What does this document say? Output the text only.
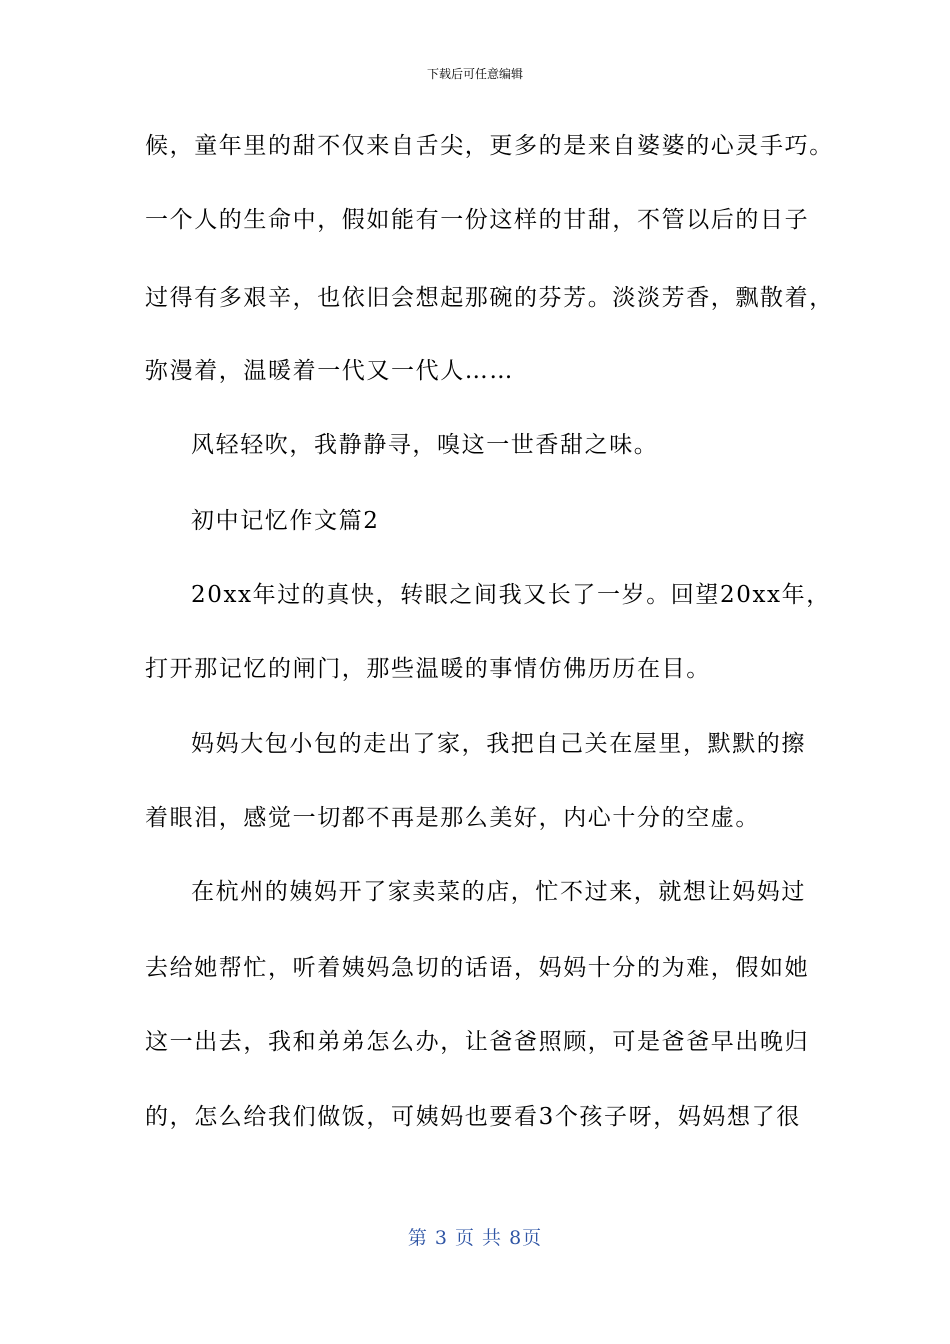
下载后可任意编辑
候，童年里的甜不仅来自舌尖，更多的是来自婆婆的心灵手巧。
一个人的生命中，假如能有一份这样的甘甜，不管以后的日子
过得有多艰辛，也依旧会想起那碗的芬芳。淡淡芳香，飘散着，
弥漫着，温暖着一代又一代人……
风轻轻吹，我静静寻，嗅这一世香甜之味。
初中记忆作文篇2
20xx年过的真快，转眼之间我又长了一岁。回望20xx年，
打开那记忆的闸门，那些温暖的事情仿佛历历在目。
妈妈大包小包的走出了家，我把自己关在屋里，默默的擦
着眼泪，感觉一切都不再是那么美好，内心十分的空虚。
在杭州的姨妈开了家卖菜的店，忙不过来，就想让妈妈过
去给她帮忙，听着姨妈急切的话语，妈妈十分的为难，假如她
这一出去，我和弟弟怎么办，让爸爸照顾，可是爸爸早出晚归
的，怎么给我们做饭，可姨妈也要看3个孩子呀，妈妈想了很
第 3 页 共 8页
